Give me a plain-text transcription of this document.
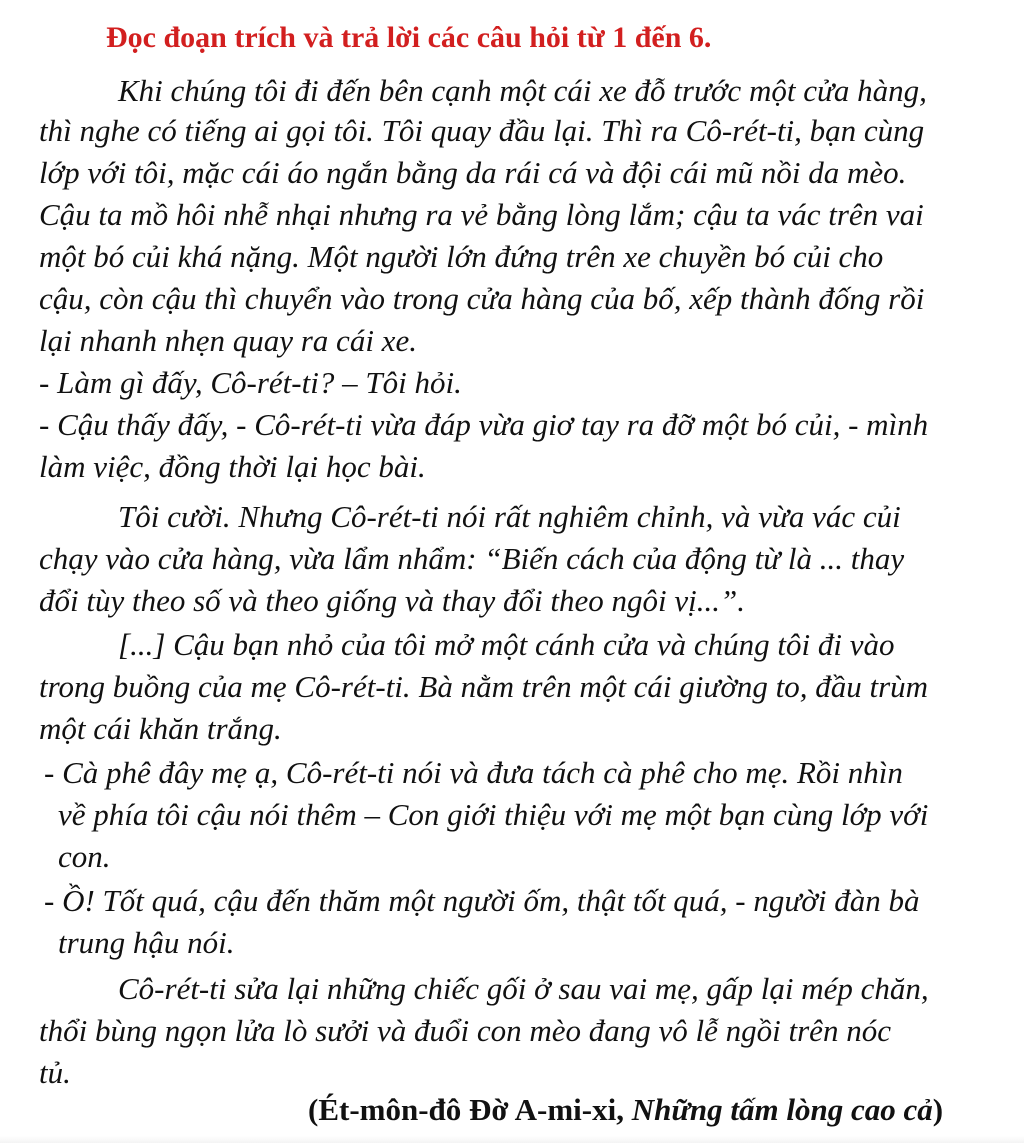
Đọc đoạn trích và trả lời các câu hỏi từ 1 đến 6.
Khi chúng tôi đi đến bên cạnh một cái xe đỗ trước một cửa hàng,
thì nghe có tiếng ai gọi tôi. Tôi quay đầu lại. Thì ra Cô-rét-ti, bạn cùng
lớp với tôi, mặc cái áo ngắn bằng da rái cá và đội cái mũ nồi da mèo.
Cậu ta mồ hôi nhễ nhại nhưng ra vẻ bằng lòng lắm; cậu ta vác trên vai
một bó củi khá nặng. Một người lớn đứng trên xe chuyền bó củi cho
cậu, còn cậu thì chuyển vào trong cửa hàng của bố, xếp thành đống rồi
lại nhanh nhẹn quay ra cái xe.
- Làm gì đấy, Cô-rét-ti? – Tôi hỏi.
- Cậu thấy đấy, - Cô-rét-ti vừa đáp vừa giơ tay ra đỡ một bó củi, - mình
làm việc, đồng thời lại học bài.
Tôi cười. Nhưng Cô-rét-ti nói rất nghiêm chỉnh, và vừa vác củi
chạy vào cửa hàng, vừa lẩm nhẩm: “Biến cách của động từ là ... thay
đổi tùy theo số và theo giống và thay đổi theo ngôi vị...”.
[...] Cậu bạn nhỏ của tôi mở một cánh cửa và chúng tôi đi vào
trong buồng của mẹ Cô-rét-ti. Bà nằm trên một cái giường to, đầu trùm
một cái khăn trắng.
- Cà phê đây mẹ ạ, Cô-rét-ti nói và đưa tách cà phê cho mẹ. Rồi nhìn
về phía tôi cậu nói thêm – Con giới thiệu với mẹ một bạn cùng lớp với
con.
- Ồ! Tốt quá, cậu đến thăm một người ốm, thật tốt quá, - người đàn bà
trung hậu nói.
Cô-rét-ti sửa lại những chiếc gối ở sau vai mẹ, gấp lại mép chăn,
thổi bùng ngọn lửa lò sưởi và đuổi con mèo đang vô lễ ngồi trên nóc
tủ.
(Ét-môn-đô Đờ A-mi-xi, Những tấm lòng cao cả)
